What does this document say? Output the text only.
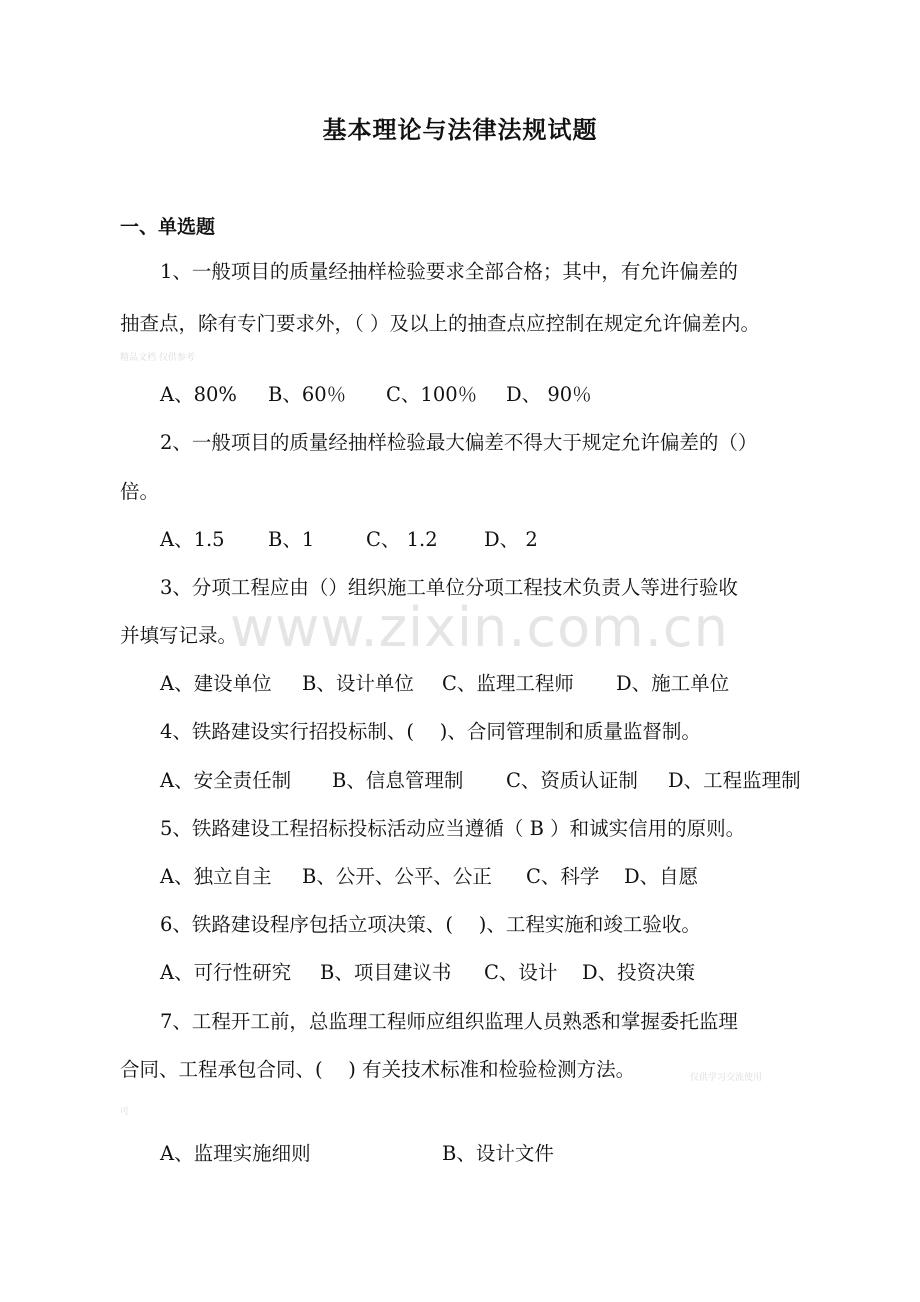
基本理论与法律法规试题
一、单选题
www.zixin.com.cn
精品文档 仅供参考
仅供学习交流使用
可
1、一般项目的质量经抽样检验要求全部合格；其中，有允许偏差的
抽查点，除有专门要求外，（ ）及以上的抽查点应控制在规定允许偏差内。
A、80% B、60％ C、100％ D、 90％
2、一般项目的质量经抽样检验最大偏差不得大于规定允许偏差的（）
倍。
A、1.5 B、1	C、 1.2 D、 2
3、分项工程应由（）组织施工单位分项工程技术负责人等进行验收
并填写记录。
A、建设单位 B、设计单位 C、监理工程师 D、施工单位
4、铁路建设实行招投标制、(　 )、合同管理制和质量监督制。
A、安全责任制 B、信息管理制 C、资质认证制 D、工程监理制
5、铁路建设工程招标投标活动应当遵循（ B ）和诚实信用的原则。
A、独立自主 B、公开、公平、公正 C、科学 D、自愿
6、铁路建设程序包括立项决策、(　 )、工程实施和竣工验收。
A、可行性研究 B、项目建议书 C、设计 D、投资决策
7、工程开工前，总监理工程师应组织监理人员熟悉和掌握委托监理
合同、工程承包合同、(　 ) 有关技术标准和检验检测方法。
A、监理实施细则	B、设计文件
